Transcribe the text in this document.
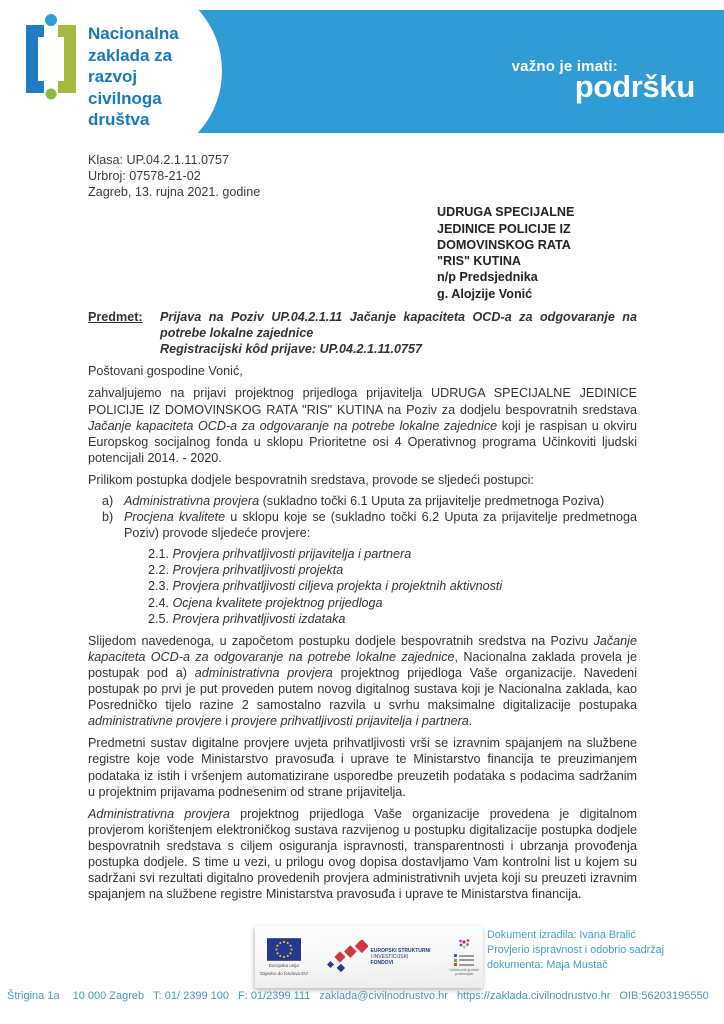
važno je imati:
podršku
Nacionalna
zaklada za
razvoj
civilnoga
društva
Klasa: UP.04.2.1.11.0757
Urbroj: 07578-21-02
Zagreb, 13. rujna 2021. godine
UDRUGA SPECIJALNE
JEDINICE POLICIJE IZ
DOMOVINSKOG RATA
"RIS" KUTINA
n/p Predsjednika
g. Alojzije Vonić
Predmet:	Prijava na Poziv UP.04.2.1.11 Jačanje kapaciteta OCD-a za odgovaranje na potrebe lokalne zajednice
Registracijski kôd prijave: UP.04.2.1.11.0757

Poštovani gospodine Vonić,

zahvaljujemo na prijavi projektnog prijedloga prijavitelja UDRUGA SPECIJALNE JEDINICE POLICIJE IZ DOMOVINSKOG RATA "RIS" KUTINA na Poziv za dodjelu bespovratnih sredstava Jačanje kapaciteta OCD-a za odgovaranje na potrebe lokalne zajednice koji je raspisan u okviru Europskog socijalnog fonda u sklopu Prioritetne osi 4 Operativnog programa Učinkoviti ljudski potencijali 2014. - 2020.

Prilikom postupka dodjele bespovratnih sredstava, provode se sljedeći postupci:

a) Administrativna provjera (sukladno točki 6.1 Uputa za prijavitelje predmetnoga Poziva)
b) Procjena kvalitete u sklopu koje se (sukladno točki 6.2 Uputa za prijavitelje predmetnoga Poziv) provode sljedeće provjere:
2.1. Provjera prihvatljivosti prijavitelja i partnera
2.2. Provjera prihvatljivosti projekta
2.3. Provjera prihvatljivosti ciljeva projekta i projektnih aktivnosti
2.4. Ocjena kvalitete projektnog prijedloga
2.5. Provjera prihvatljivosti izdataka

Slijedom navedenoga, u započetom postupku dodjele bespovratnih sredstva na Pozivu Jačanje kapaciteta OCD-a za odgovaranje na potrebe lokalne zajednice, Nacionalna zaklada provela je postupak pod a) administrativna provjera projektnog prijedloga Vaše organizacije. Navedeni postupak po prvi je put proveden putem novog digitalnog sustava koji je Nacionalna zaklada, kao Posredničko tijelo razine 2 samostalno razvila u svrhu maksimalne digitalizacije postupaka administrativne provjere i provjere prihvatljivosti prijavitelja i partnera.

Predmetni sustav digitalne provjere uvjeta prihvatljivosti vrši se izravnim spajanjem na službene registre koje vode Ministarstvo pravosuđa i uprave te Ministarstvo financija te preuzimanjem podataka iz istih i vršenjem automatizirane usporedbe preuzetih podataka s podacima sadržanim u projektnim prijavama podnesenim od strane prijavitelja.

Administrativna provjera projektnog prijedloga Vaše organizacije provedena je digitalnom provjerom korištenjem elektroničkog sustava razvijenog u postupku digitalizacije postupka dodjele bespovratnih sredstava s ciljem osiguranja ispravnosti, transparentnosti i ubrzanja provođenja postupka dodjele. S time u vezi, u prilogu ovog dopisa dostavljamo Vam kontrolni list u kojem su sadržani svi rezultati digitalno provedenih provjera administrativnih uvjeta koji su preuzeti izravnim spajanjem na službene registre Ministarstva pravosuđa i uprave te Ministarstva financija.

Europska unija
'Zajedno do fondova EU'
EUROPSKI STRUKTURNI
I INVESTICIJSKI FONDOVI
Učinkoviti ljudski potencijali
Dokument izradila: Ivana Bralić
Provjerio ispravnost i odobrio sadržaj
dokumenta: Maja Mustač
Štrigina 1a 10 000 Zagreb T: 01/ 2399 100 F: 01/2399 111 zaklada@civilnodrustvo.hr https://zaklada.civilnodrustvo.hr OIB:56203195550
